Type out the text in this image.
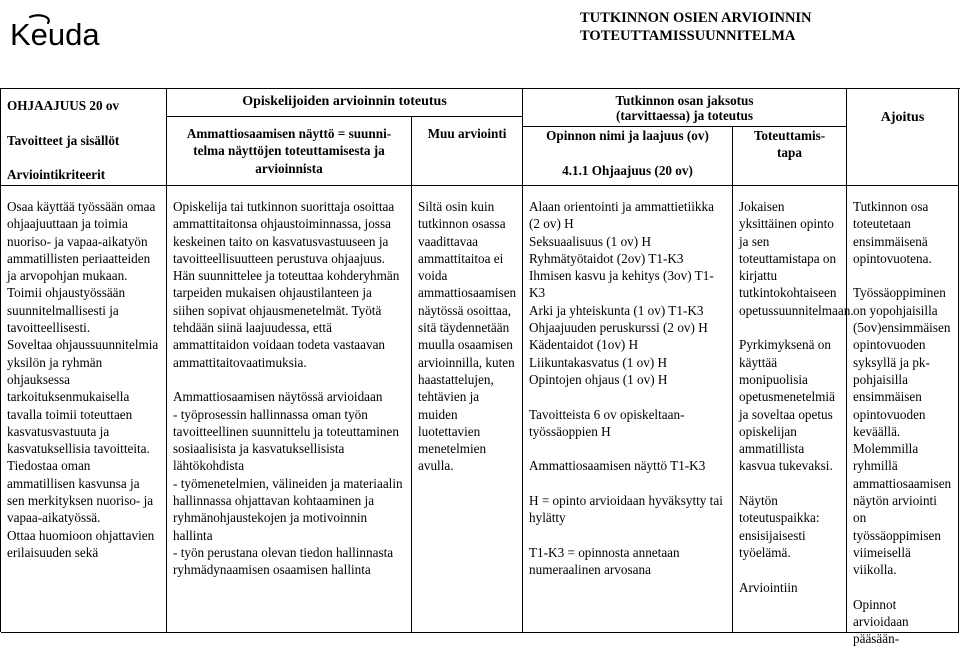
Keuda	TUTKINNON OSIEN ARVIOINNIN
TOTEUTTAMISSUUNNITELMA
OHJAAJUUS 20 ov

Tavoitteet ja sisällöt

Arviointikriteerit
Opiskelijoiden arvioinnin toteutus
Ammattiosaamisen näyttö = suunni-
telma näyttöjen toteuttamisesta ja
arvioinnista
Muu arviointi
Tutkinnon osan jaksotus
(tarvittaessa) ja toteutus
Opinnon nimi ja laajuus (ov)

4.1.1 Ohjaajuus (20 ov)
Toteuttamis-
tapa
Ajoitus
Osaa käyttää työssään omaa ohjaajuuttaan ja toimia nuoriso- ja vapaa-aikatyön ammatillisten periaatteiden ja arvopohjan mukaan.
Toimii ohjaustyössään suunnitelmallisesti ja tavoitteellisesti.
Soveltaa ohjaussuunnitelmia yksilön ja ryhmän ohjauksessa tarkoituksenmukaisella tavalla toimii toteuttaen kasvatusvastuuta ja kasvatuksellisia tavoitteita.
Tiedostaa oman ammatillisen kasvunsa ja sen merkityksen nuoriso- ja vapaa-aikatyössä.
Ottaa huomioon ohjattavien erilaisuuden sekä
Opiskelija tai tutkinnon suorittaja osoittaa ammattitaitonsa ohjaustoiminnassa, jossa keskeinen taito on kasvatusvastuuseen ja tavoitteellisuutteen perustuva ohjaajuus. Hän suunnittelee ja toteuttaa kohderyhmän tarpeiden mukaisen ohjaustilanteen ja siihen sopivat ohjausmenetelmät. Työtä tehdään siinä laajuudessa, että ammattitaidon voidaan todeta vastaavan ammattitaitovaatimuksia.

Ammattiosaamisen näytössä arvioidaan
- työprosessin hallinnassa oman työn tavoitteellinen suunnittelu ja toteuttaminen sosiaalisista ja kasvatuksellisista lähtökohdista
- työmenetelmien, välineiden ja materiaalin hallinnassa ohjattavan kohtaaminen ja ryhmänohjaustekojen ja motivoinnin hallinta
- työn perustana olevan tiedon hallinnasta ryhmädynaamisen osaamisen hallinta
Siltä osin kuin tutkinnon osassa vaadittavaa ammattitaitoa ei voida ammattiosaamisen näytössä osoittaa, sitä täydennetään muulla osaamisen arvioinnilla, kuten haastattelujen, tehtävien ja muiden luotettavien menetelmien avulla.
Alaan orientointi ja ammattietiikka (2 ov) H
Seksuaalisuus (1 ov) H
Ryhmätyötaidot (2ov) T1-K3
Ihmisen kasvu ja kehitys (3ov) T1-K3
Arki ja yhteiskunta (1 ov) T1-K3
Ohjaajuuden peruskurssi (2 ov) H
Kädentaidot (1ov) H
Liikuntakasvatus (1 ov) H
Opintojen ohjaus (1 ov) H

Tavoitteista 6 ov opiskeltaan-työssäoppien H

Ammattiosaamisen näyttö T1-K3

H = opinto arvioidaan hyväksytty tai hylätty

T1-K3 = opinnosta annetaan numeraalinen arvosana
Jokaisen yksittäinen opinto ja sen toteuttamistapa on kirjattu tutkintokohtaiseen opetussuunnitelmaan.

Pyrkimyksenä on käyttää monipuolisia opetusmenetelmiä ja soveltaa opetus opiskelijan ammatillista kasvua tukevaksi.

Näytön toteutuspaikka: ensisijaisesti työelämä.

Arviointiin
Tutkinnon osa toteutetaan ensimmäisenä opintovuotena.

Työssäoppiminen on yopohjaisilla (5ov)ensimmäisen opintovuoden syksyllä ja pk-pohjaisilla ensimmäisen opintovuoden keväällä. Molemmilla ryhmillä ammattiosaamisen näytön arviointi on työssäoppimisen viimeisellä viikolla.

Opinnot arvioidaan pääsään-
